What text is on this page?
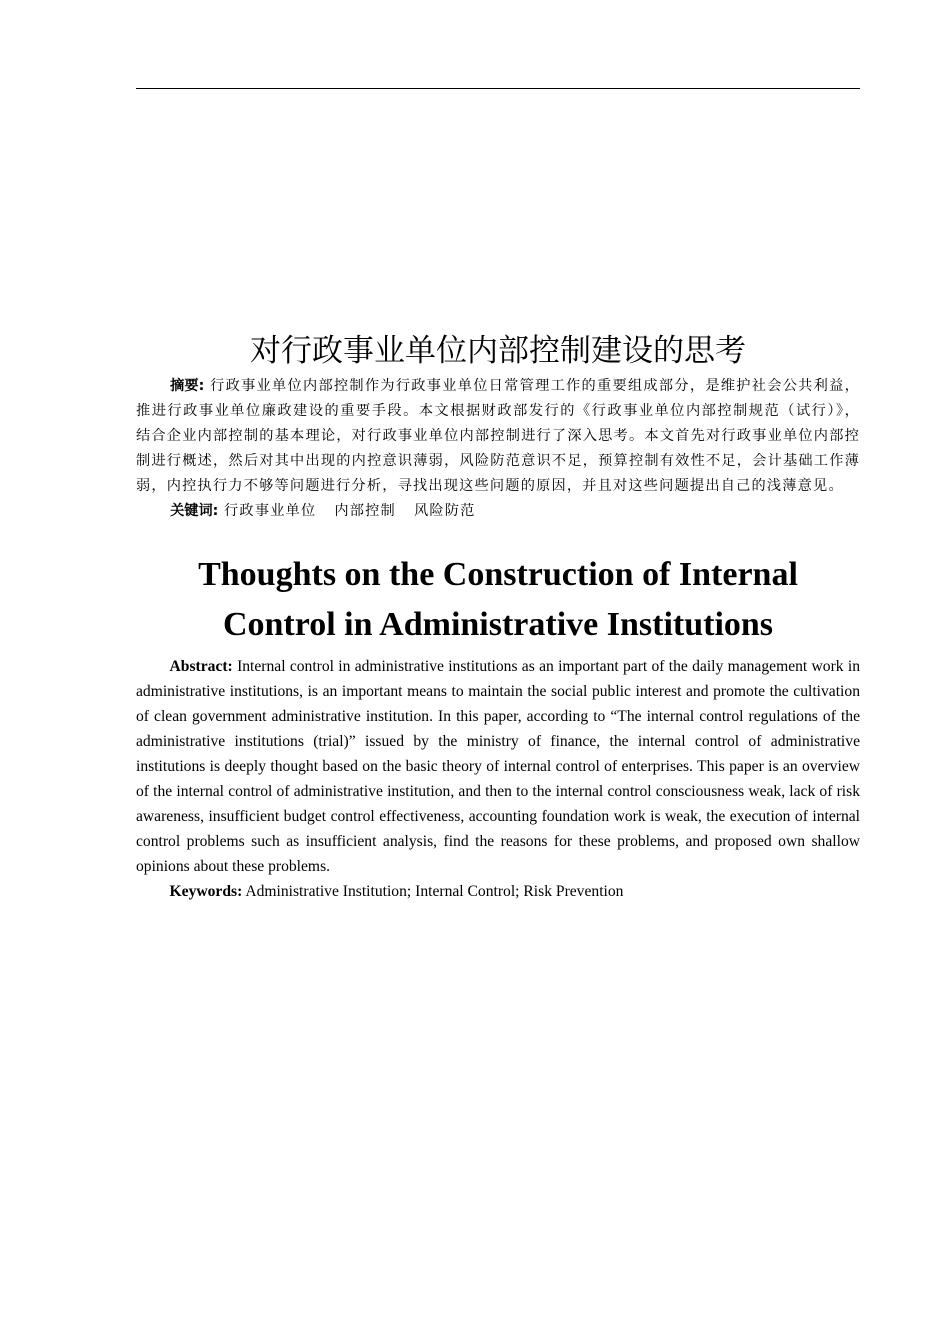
对行政事业单位内部控制建设的思考

摘要: 行政事业单位内部控制作为行政事业单位日常管理工作的重要组成部分，是维护社会公共利益，推进行政事业单位廉政建设的重要手段。本文根据财政部发行的《行政事业单位内部控制规范（试行）》，结合企业内部控制的基本理论，对行政事业单位内部控制进行了深入思考。本文首先对行政事业单位内部控制进行概述，然后对其中出现的内控意识薄弱，风险防范意识不足，预算控制有效性不足，会计基础工作薄弱，内控执行力不够等问题进行分析，寻找出现这些问题的原因，并且对这些问题提出自己的浅薄意见。

关键词: 行政事业单位 内部控制 风险防范

Thoughts on the Construction of Internal
Control in Administrative Institutions

Abstract: Internal control in administrative institutions as an important part of the daily management work in administrative institutions, is an important means to maintain the social public interest and promote the cultivation of clean government administrative institution. In this paper, according to “The internal control regulations of the administrative institutions (trial)” issued by the ministry of finance, the internal control of administrative institutions is deeply thought based on the basic theory of internal control of enterprises. This paper is an overview of the internal control of administrative institution, and then to the internal control consciousness weak, lack of risk awareness, insufficient budget control effectiveness, accounting foundation work is weak, the execution of internal control problems such as insufficient analysis, find the reasons for these problems, and proposed own shallow opinions about these problems.

Keywords: Administrative Institution; Internal Control; Risk Prevention
